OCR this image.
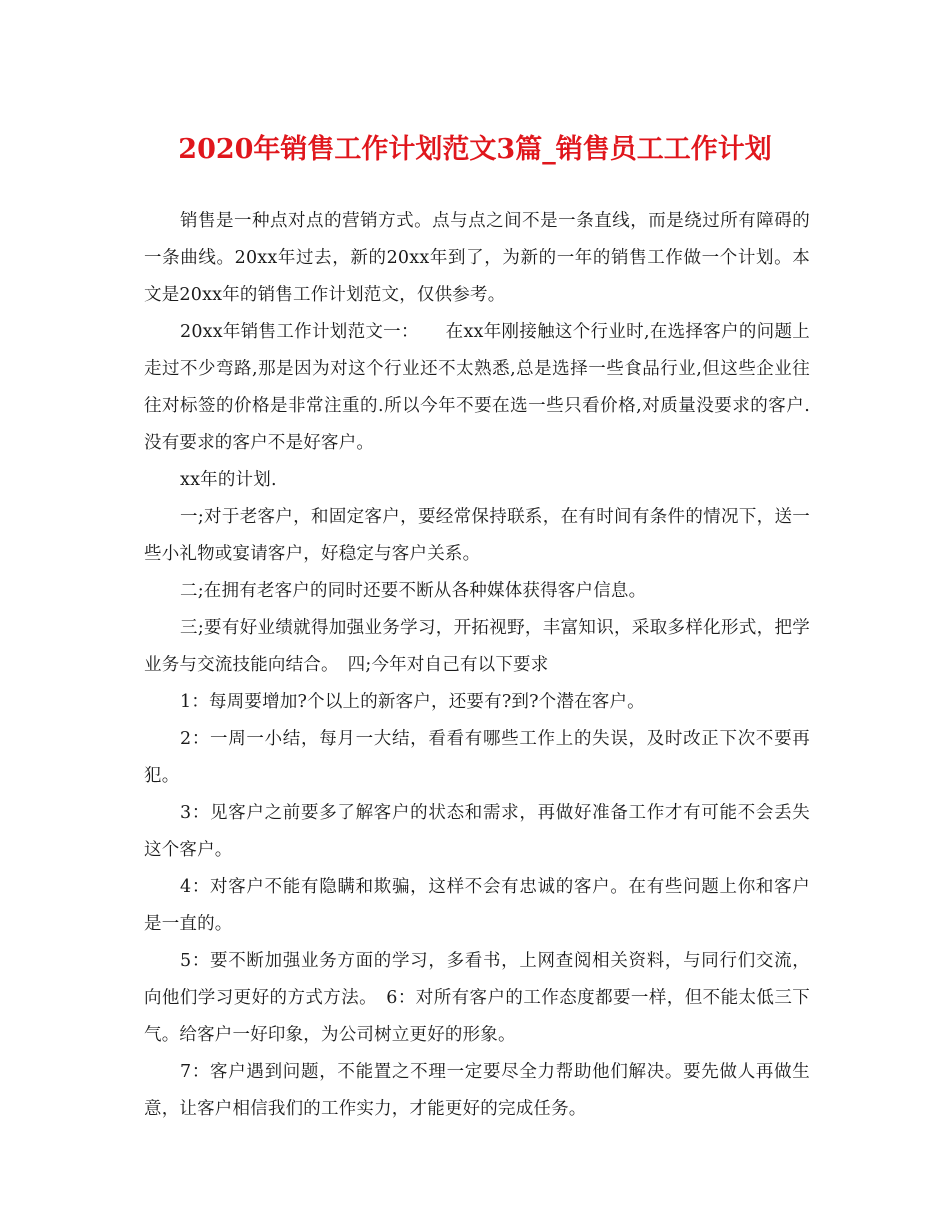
2020年销售工作计划范文3篇_销售员工工作计划

销售是一种点对点的营销方式。点与点之间不是一条直线，而是绕过所有障碍的一条曲线。20xx年过去，新的20xx年到了，为新的一年的销售工作做一个计划。本文是20xx年的销售工作计划范文，仅供参考。

20xx年销售工作计划范文一：　　在xx年刚接触这个行业时,在选择客户的问题上走过不少弯路,那是因为对这个行业还不太熟悉,总是选择一些食品行业,但这些企业往往对标签的价格是非常注重的.所以今年不要在选一些只看价格,对质量没要求的客户.没有要求的客户不是好客户。

xx年的计划.

一;对于老客户，和固定客户，要经常保持联系，在有时间有条件的情况下，送一些小礼物或宴请客户，好稳定与客户关系。

二;在拥有老客户的同时还要不断从各种媒体获得客户信息。

三;要有好业绩就得加强业务学习，开拓视野，丰富知识，采取多样化形式，把学业务与交流技能向结合。　四;今年对自己有以下要求

1：每周要增加?个以上的新客户，还要有?到?个潜在客户。

2：一周一小结，每月一大结，看看有哪些工作上的失误，及时改正下次不要再犯。

3：见客户之前要多了解客户的状态和需求，再做好准备工作才有可能不会丢失这个客户。

4：对客户不能有隐瞒和欺骗，这样不会有忠诚的客户。在有些问题上你和客户是一直的。

5：要不断加强业务方面的学习，多看书，上网查阅相关资料，与同行们交流，向他们学习更好的方式方法。　6：对所有客户的工作态度都要一样，但不能太低三下气。给客户一好印象，为公司树立更好的形象。

7：客户遇到问题，不能置之不理一定要尽全力帮助他们解决。要先做人再做生意，让客户相信我们的工作实力，才能更好的完成任务。
